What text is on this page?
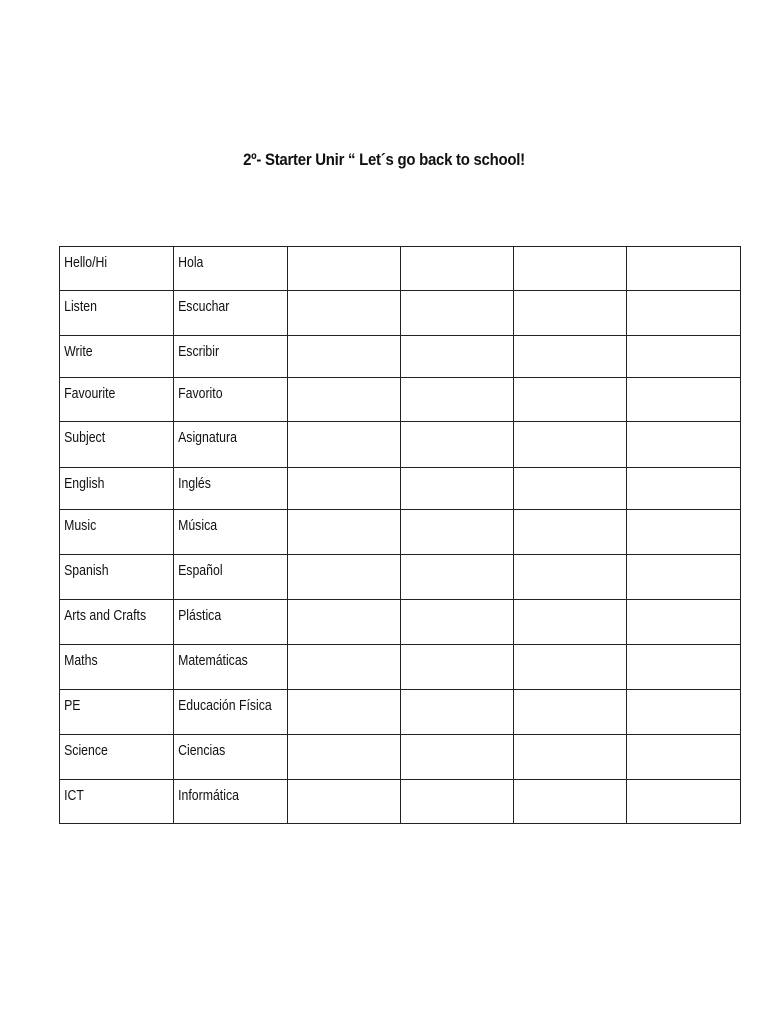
2º- Starter Unir “ Let´s go back to school!
Hello/Hi	Hola				

Listen	Escuchar				

Write	Escribir				

Favourite	Favorito				

Subject	Asignatura				

English	Inglés				

Music	Música				

Spanish	Español				

Arts and Crafts	Plástica				

Maths	Matemáticas				

PE	Educación Física				

Science	Ciencias				

ICT	Informática				
